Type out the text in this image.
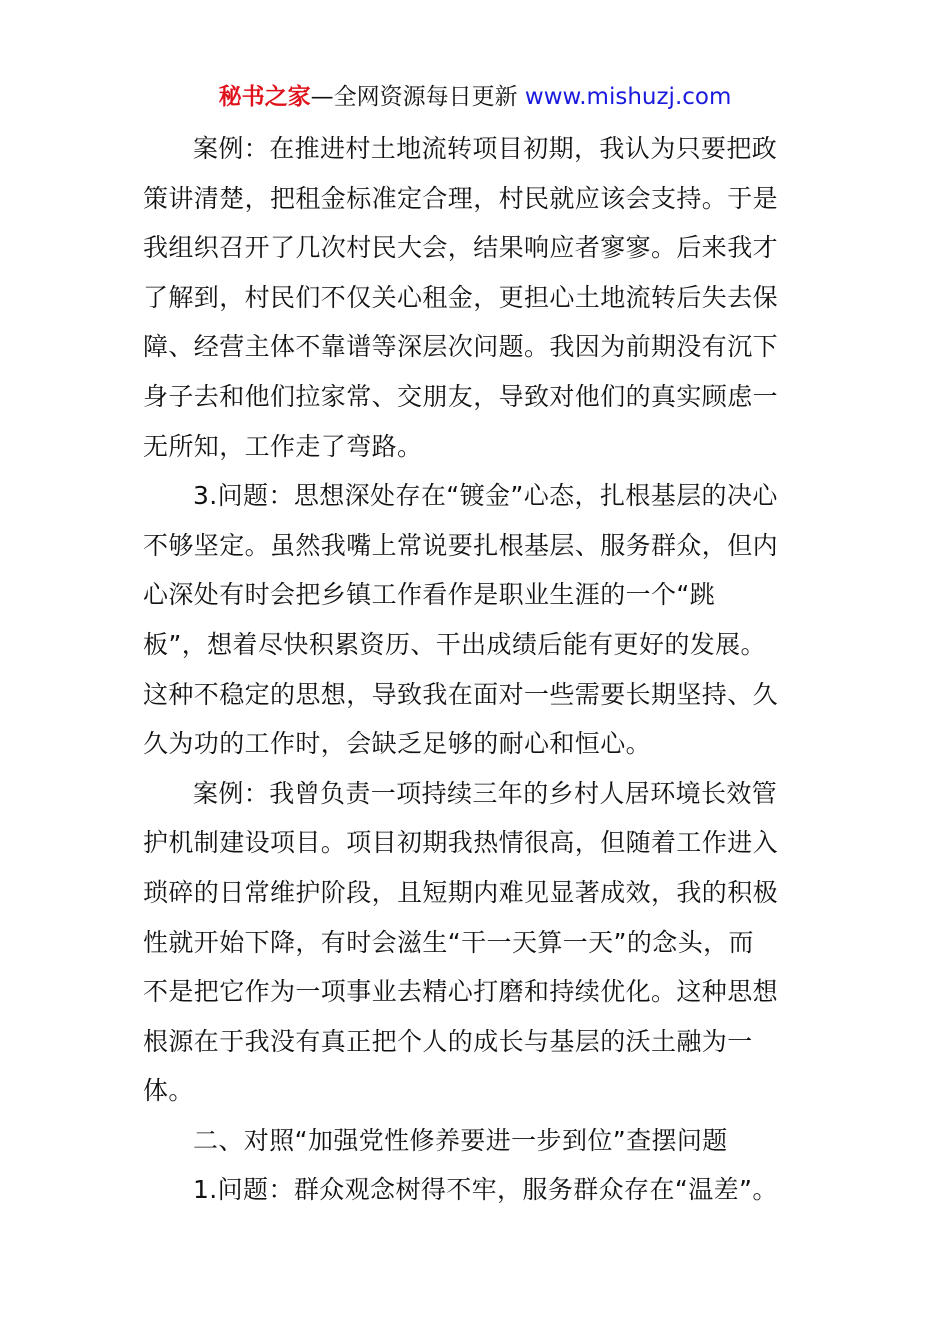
秘书之家—全网资源每日更新 www.mishuzj.com
案例：在推进村土地流转项目初期，我认为只要把政
策讲清楚，把租金标准定合理，村民就应该会支持。于是
我组织召开了几次村民大会，结果响应者寥寥。后来我才
了解到，村民们不仅关心租金，更担心土地流转后失去保
障、经营主体不靠谱等深层次问题。我因为前期没有沉下
身子去和他们拉家常、交朋友，导致对他们的真实顾虑一
无所知，工作走了弯路。
3.问题：思想深处存在“镀金”心态，扎根基层的决心
不够坚定。虽然我嘴上常说要扎根基层、服务群众，但内
心深处有时会把乡镇工作看作是职业生涯的一个“跳
板”，想着尽快积累资历、干出成绩后能有更好的发展。
这种不稳定的思想，导致我在面对一些需要长期坚持、久
久为功的工作时，会缺乏足够的耐心和恒心。
案例：我曾负责一项持续三年的乡村人居环境长效管
护机制建设项目。项目初期我热情很高，但随着工作进入
琐碎的日常维护阶段，且短期内难见显著成效，我的积极
性就开始下降，有时会滋生“干一天算一天”的念头，而
不是把它作为一项事业去精心打磨和持续优化。这种思想
根源在于我没有真正把个人的成长与基层的沃土融为一
体。
二、对照“加强党性修养要进一步到位”查摆问题
1.问题：群众观念树得不牢，服务群众存在“温差”。
